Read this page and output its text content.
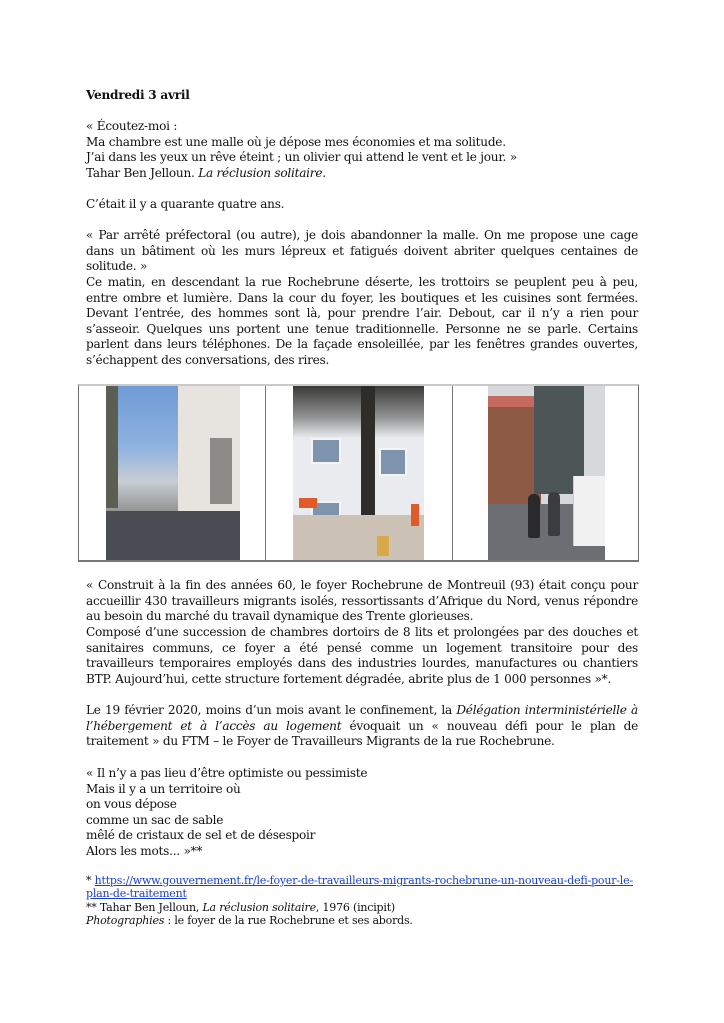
Vendredi 3 avril
« Écoutez-moi :
Ma chambre est une malle où je dépose mes économies et ma solitude.
J’ai dans les yeux un rêve éteint ; un olivier qui attend le vent et le jour. »
Tahar Ben Jelloun. La réclusion solitaire.

C’était il y a quarante quatre ans.

« Par arrêté préfectoral (ou autre), je dois abandonner la malle. On me propose une cage dans un bâtiment où les murs lépreux et fatigués doivent abriter quelques centaines de solitude. »

Ce matin, en descendant la rue Rochebrune déserte, les trottoirs se peuplent peu à peu, entre ombre et lumière. Dans la cour du foyer, les boutiques et les cuisines sont fermées. Devant l’entrée, des hommes sont là, pour prendre l’air. Debout, car il n’y a rien pour s’asseoir. Quelques uns portent une tenue traditionnelle. Personne ne se parle. Certains parlent dans leurs téléphones. De la façade ensoleillée, par les fenêtres grandes ouvertes, s’échappent des conversations, des rires.

« Construit à la fin des années 60, le foyer Rochebrune de Montreuil (93) était conçu pour accueillir 430 travailleurs migrants isolés, ressortissants d’Afrique du Nord, venus répondre au besoin du marché du travail dynamique des Trente glorieuses.

Composé d’une succession de chambres dortoirs de 8 lits et prolongées par des douches et sanitaires communs, ce foyer a été pensé comme un logement transitoire pour des travailleurs temporaires employés dans des industries lourdes, manufactures ou chantiers BTP. Aujourd’hui, cette structure fortement dégradée, abrite plus de 1 000 personnes »*.

Le 19 février 2020, moins d’un mois avant le confinement, la Délégation interministérielle à l’hébergement et à l’accès au logement évoquait un « nouveau défi pour le plan de traitement » du FTM – le Foyer de Travailleurs Migrants de la rue Rochebrune.

« Il n’y a pas lieu d’être optimiste ou pessimiste
Mais il y a un territoire où
on vous dépose
comme un sac de sable
mêlé de cristaux de sel et de désespoir
Alors les mots... »**
* https://www.gouvernement.fr/le-foyer-de-travailleurs-migrants-rochebrune-un-nouveau-defi-pour-le-
plan-de-traitement
** Tahar Ben Jelloun, La réclusion solitaire, 1976 (incipit)
Photographies : le foyer de la rue Rochebrune et ses abords.
